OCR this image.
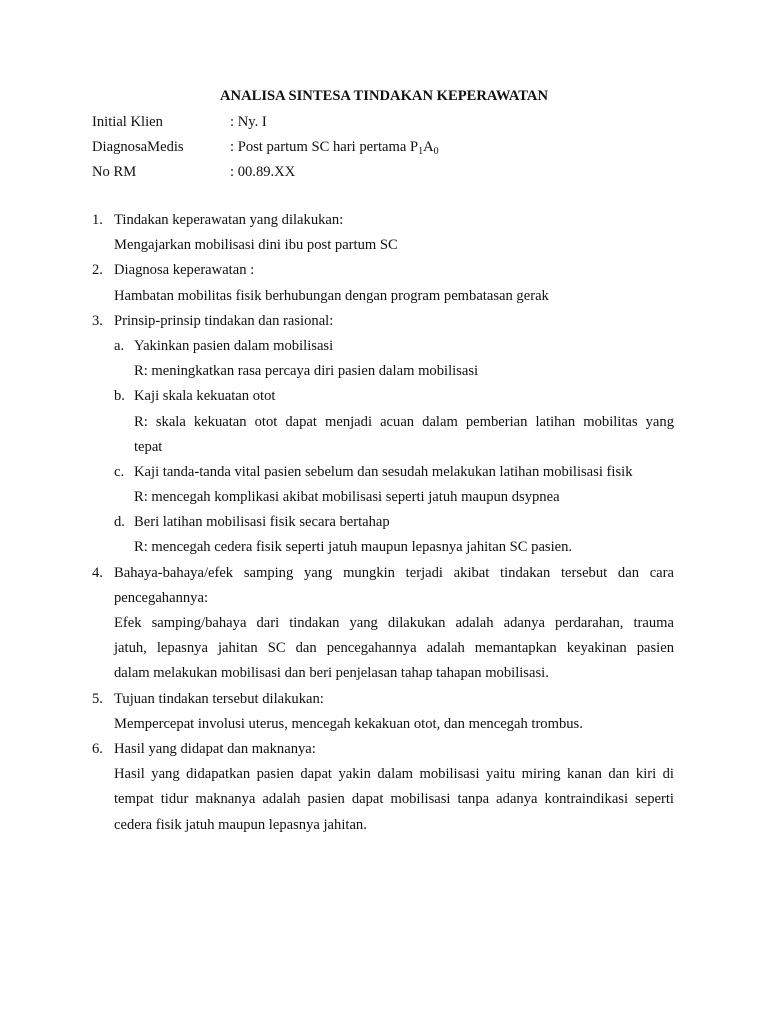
ANALISA SINTESA TINDAKAN KEPERAWATAN
Initial Klien	: Ny. I
DiagnosaMedis	: Post partum SC hari pertama $P_1A_0$
No RM	: 00.89.XX
1. Tindakan keperawatan yang dilakukan:
Mengajarkan mobilisasi dini ibu post partum SC
2. Diagnosa keperawatan :
Hambatan mobilitas fisik berhubungan dengan program pembatasan gerak
3. Prinsip-prinsip tindakan dan rasional:
a. Yakinkan pasien dalam mobilisasi
R: meningkatkan rasa percaya diri pasien dalam mobilisasi
b. Kaji skala kekuatan otot
R: skala kekuatan otot dapat menjadi acuan dalam pemberian latihan mobilitas yang
tepat
c. Kaji tanda-tanda vital pasien sebelum dan sesudah melakukan latihan mobilisasi fisik
R: mencegah komplikasi akibat mobilisasi seperti jatuh maupun dsypnea
d. Beri latihan mobilisasi fisik secara bertahap
R: mencegah cedera fisik seperti jatuh maupun lepasnya jahitan SC pasien.
4. Bahaya-bahaya/efek samping yang mungkin terjadi akibat tindakan tersebut dan cara
pencegahannya:
Efek samping/bahaya dari tindakan yang dilakukan adalah adanya perdarahan, trauma
jatuh, lepasnya jahitan SC dan pencegahannya adalah memantapkan keyakinan pasien
dalam melakukan mobilisasi dan beri penjelasan tahap tahapan mobilisasi.
5. Tujuan tindakan tersebut dilakukan:
Mempercepat involusi uterus, mencegah kekakuan otot, dan mencegah trombus.
6. Hasil yang didapat dan maknanya:
Hasil yang didapatkan pasien dapat yakin dalam mobilisasi yaitu miring kanan dan kiri di
tempat tidur maknanya adalah pasien dapat mobilisasi tanpa adanya kontraindikasi seperti
cedera fisik jatuh maupun lepasnya jahitan.
